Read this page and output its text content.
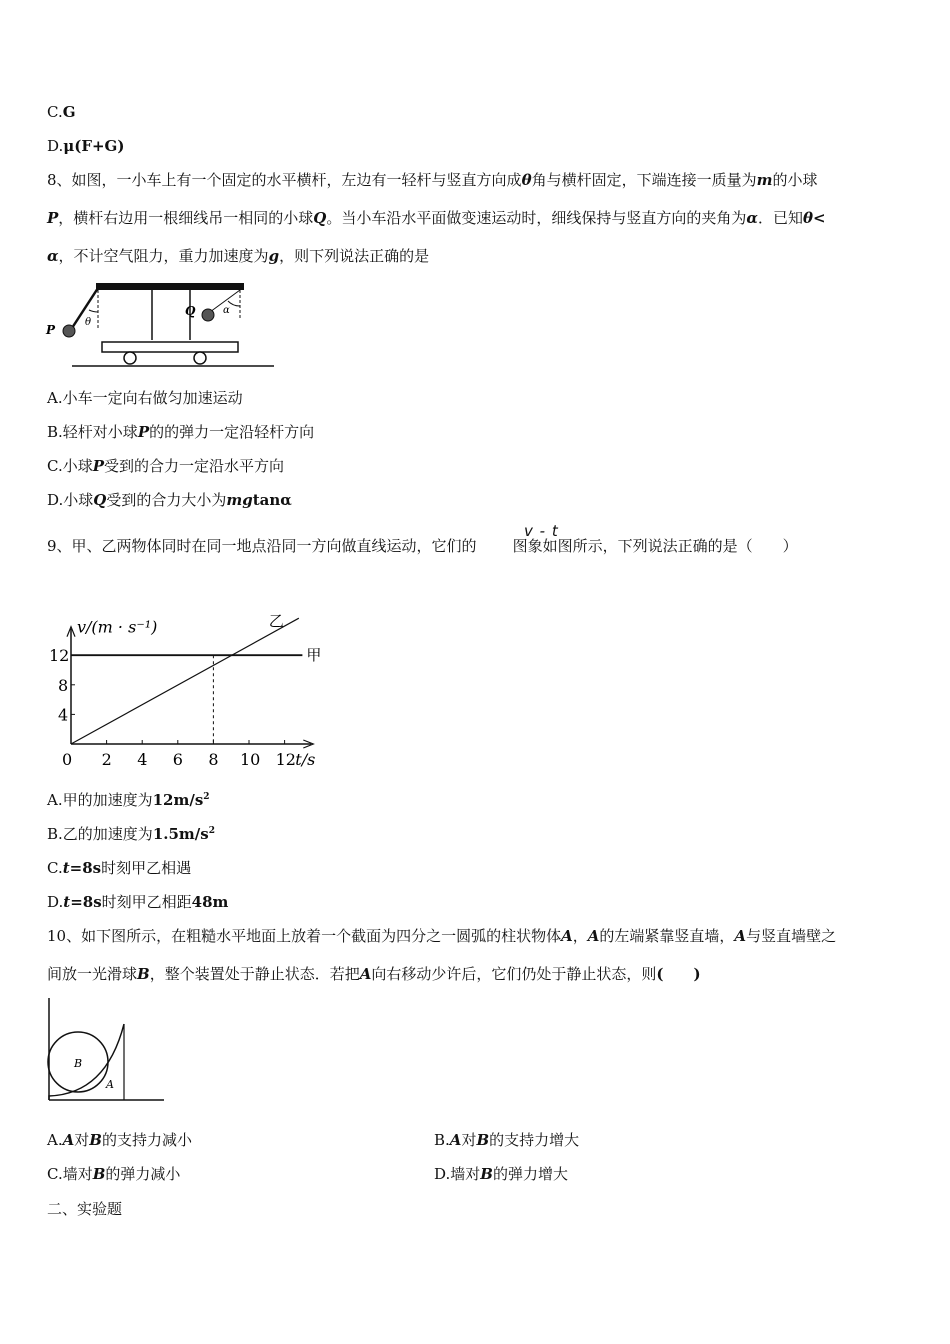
C.G
D.μ(F+G)
8、如图，一小车上有一个固定的水平横杆，左边有一轻杆与竖直方向成θ角与横杆固定，下端连接一质量为m的小球
P，横杆右边用一根细线吊一相同的小球Q。当小车沿水平面做变速运动时，细线保持与竖直方向的夹角为α．已知θ<
α，不计空气阻力，重力加速度为g，则下列说法正确的是
P
θ
Q	α
A.小车一定向右做匀加速运动
B.轻杆对小球P的的弹力一定沿轻杆方向
C.小球P受到的合力一定沿水平方向
D.小球Q受到的合力大小为mgtanα
9、甲、乙两物体同时在同一地点沿同一方向做直线运动，它们的 图象如图所示，下列说法正确的是（　　）
v - t
v/(m · s⁻¹)
t/s
0 2 4 6 8 10 12
4
8
12	甲
乙
A.甲的加速度为$12m/s^2$
B.乙的加速度为$1.5m/s^2$
C.t=8s时刻甲乙相遇
D.t=8s时刻甲乙相距48m
10、如下图所示，在粗糙水平地面上放着一个截面为四分之一圆弧的柱状物体A，A的左端紧靠竖直墙，A与竖直墙壁之
间放一光滑球B，整个装置处于静止状态．若把A向右移动少许后，它们仍处于静止状态，则(　　)
B
A
A.A对B的支持力减小	B.A对B的支持力增大
C.墙对B的弹力减小	D.墙对B的弹力增大
二、实验题
